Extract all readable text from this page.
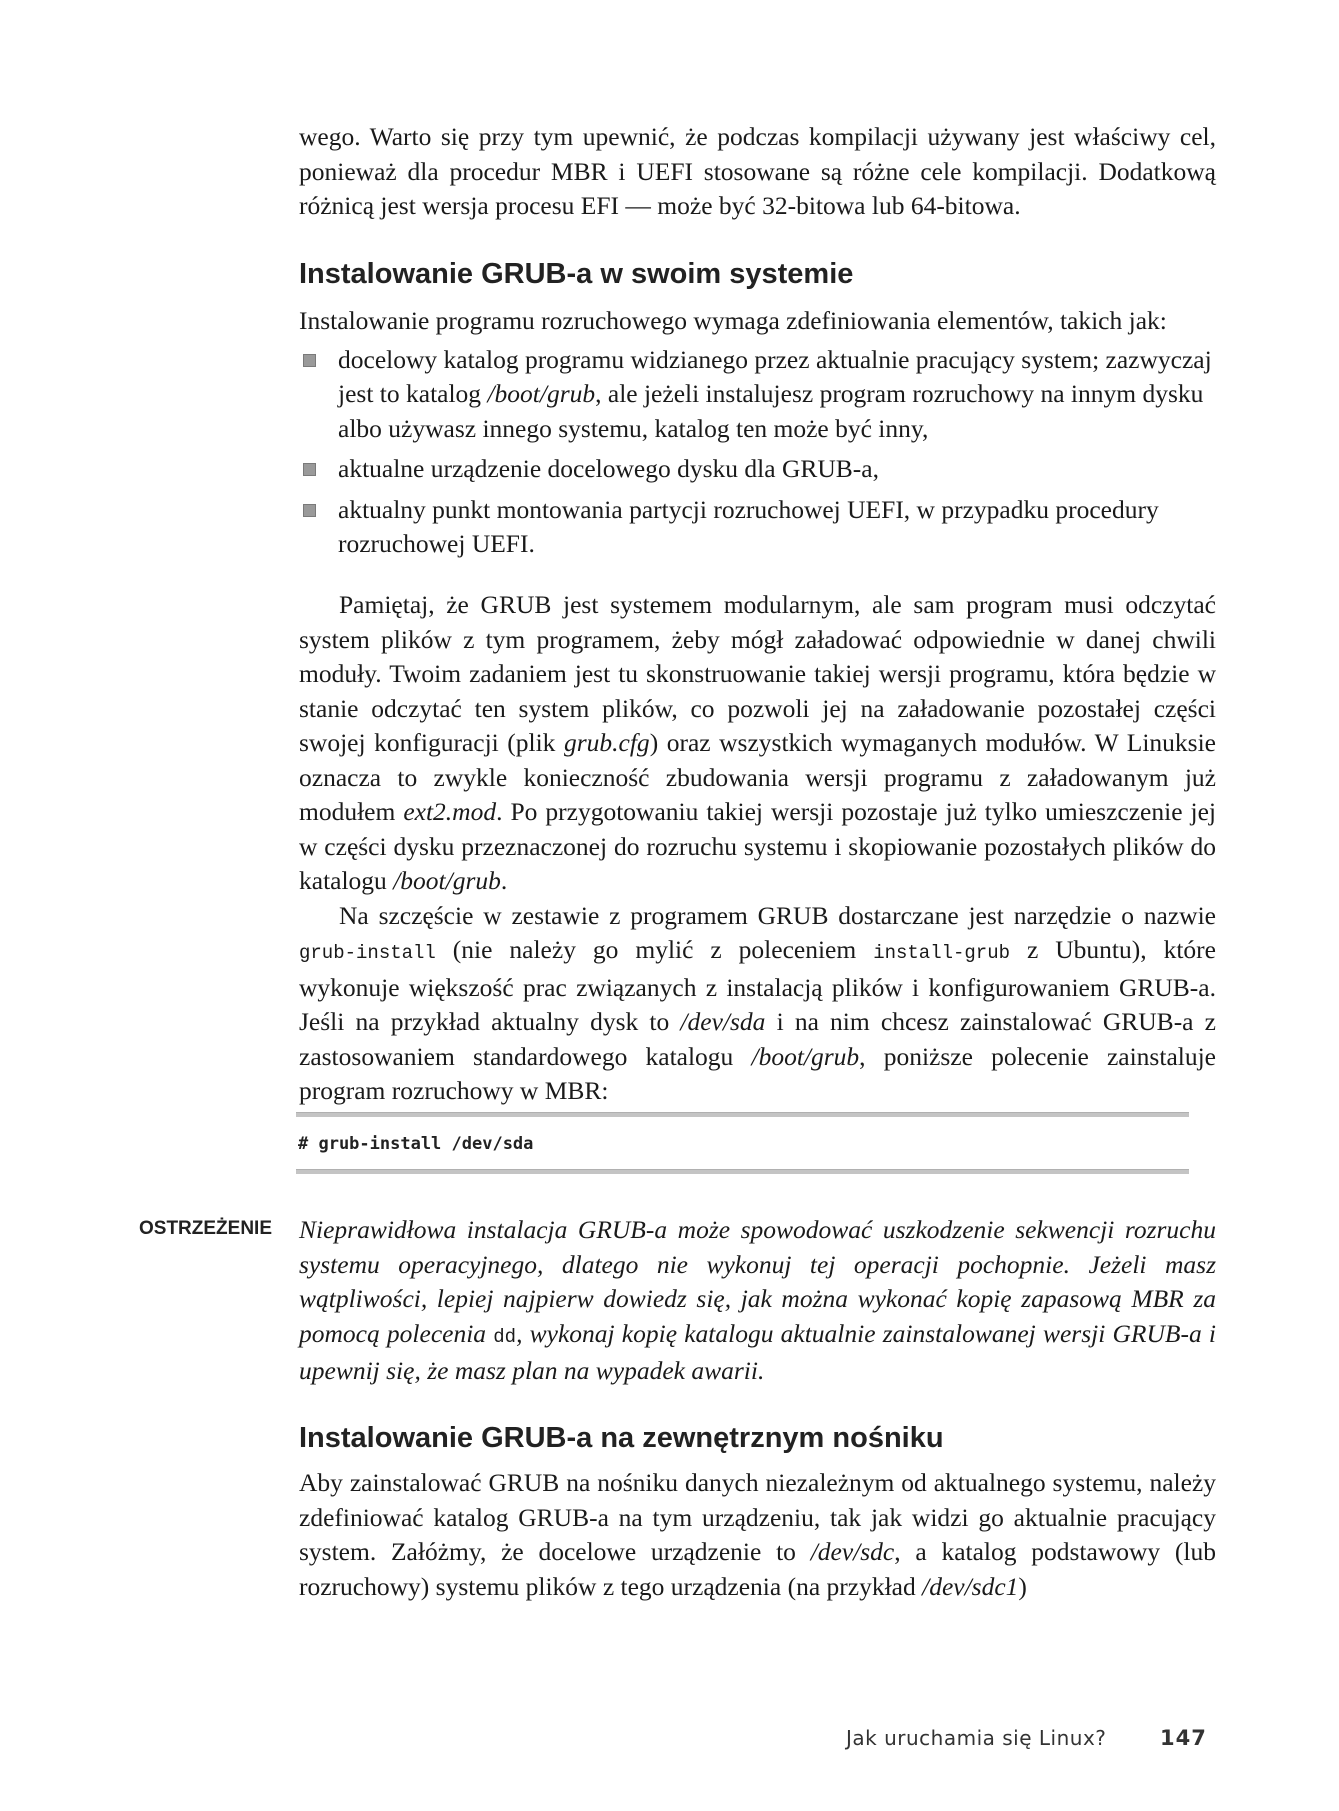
wego. Warto się przy tym upewnić, że podczas kompilacji używany jest właściwy cel, ponieważ dla procedur MBR i UEFI stosowane są różne cele kompilacji. Dodatkową różnicą jest wersja procesu EFI — może być 32-bitowa lub 64-bitowa.

Instalowanie GRUB-a w swoim systemie

Instalowanie programu rozruchowego wymaga zdefiniowania elementów, takich jak:

docelowy katalog programu widzianego przez aktualnie pracujący system; zazwyczaj jest to katalog /boot/grub, ale jeżeli instalujesz program rozruchowy na innym dysku albo używasz innego systemu, katalog ten może być inny,
aktualne urządzenie docelowego dysku dla GRUB-a,
aktualny punkt montowania partycji rozruchowej UEFI, w przypadku procedury rozruchowej UEFI.

Pamiętaj, że GRUB jest systemem modularnym, ale sam program musi odczytać system plików z tym programem, żeby mógł załadować odpowiednie w danej chwili moduły. Twoim zadaniem jest tu skonstruowanie takiej wersji programu, która będzie w stanie odczytać ten system plików, co pozwoli jej na załadowanie pozostałej części swojej konfiguracji (plik grub.cfg) oraz wszystkich wymaganych modułów. W Linuksie oznacza to zwykle konieczność zbudowania wersji programu z załadowanym już modułem ext2.mod. Po przygotowaniu takiej wersji pozostaje już tylko umieszczenie jej w części dysku przeznaczonej do rozruchu systemu i skopiowanie pozostałych plików do katalogu /boot/grub.

Na szczęście w zestawie z programem GRUB dostarczane jest narzędzie o nazwie grub-install (nie należy go mylić z poleceniem install-grub z Ubuntu), które wykonuje większość prac związanych z instalacją plików i konfigurowaniem GRUB-a. Jeśli na przykład aktualny dysk to /dev/sda i na nim chcesz zainstalować GRUB-a z zastosowaniem standardowego katalogu /boot/grub, poniższe polecenie zainstaluje program rozruchowy w MBR:

# grub-install /dev/sda
OSTRZEŻENIE Nieprawidłowa instalacja GRUB-a może spowodować uszkodzenie sekwencji rozruchu systemu operacyjnego, dlatego nie wykonuj tej operacji pochopnie. Jeżeli masz wątpliwości, lepiej najpierw dowiedz się, jak można wykonać kopię zapasową MBR za pomocą polecenia dd, wykonaj kopię katalogu aktualnie zainstalowanej wersji GRUB-a i upewnij się, że masz plan na wypadek awarii.

Instalowanie GRUB-a na zewnętrznym nośniku

Aby zainstalować GRUB na nośniku danych niezależnym od aktualnego systemu, należy zdefiniować katalog GRUB-a na tym urządzeniu, tak jak widzi go aktualnie pracujący system. Załóżmy, że docelowe urządzenie to /dev/sdc, a katalog podstawowy (lub rozruchowy) systemu plików z tego urządzenia (na przykład /dev/sdc1)

Jak uruchamia się Linux?	147
